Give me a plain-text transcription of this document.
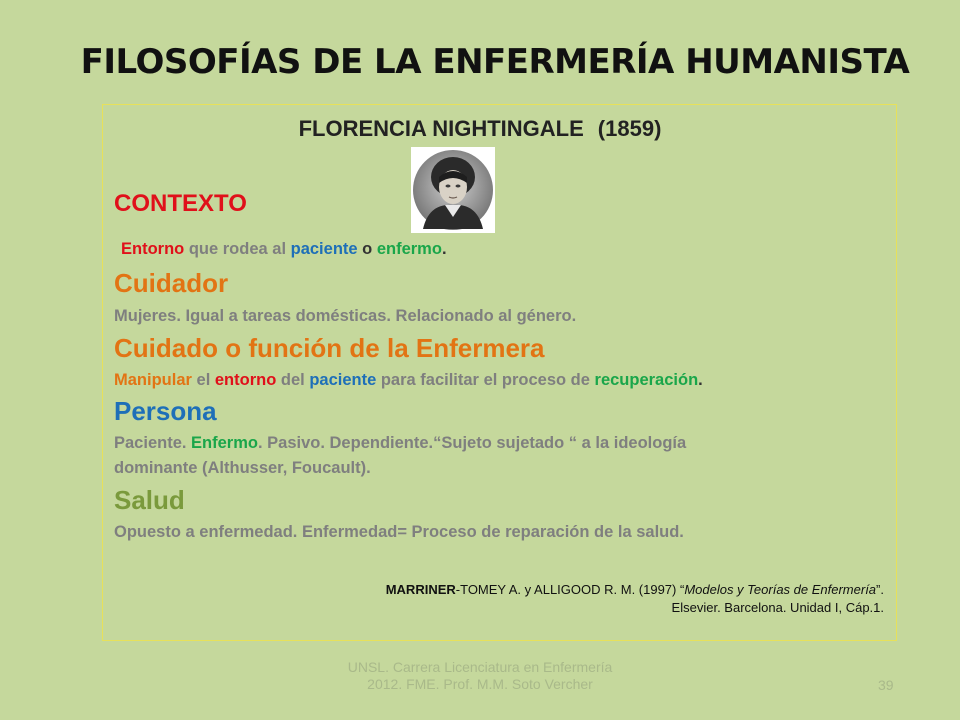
FILOSOFÍAS DE LA ENFERMERÍA HUMANISTA
FLORENCIA NIGHTINGALE (1859)
CONTEXTO
Entorno que rodea al paciente o enfermo.
Cuidador
Mujeres. Igual a tareas domésticas. Relacionado al género.
Cuidado o función de la Enfermera
Manipular el entorno del paciente para facilitar el proceso de recuperación.
Persona
Paciente. Enfermo. Pasivo. Dependiente.“Sujeto sujetado “ a la ideología
dominante (Althusser, Foucault).
Salud
Opuesto a enfermedad. Enfermedad= Proceso de reparación de la salud.
MARRINER-TOMEY A. y ALLIGOOD R. M. (1997) “Modelos y Teorías de Enfermería”.
Elsevier. Barcelona. Unidad I, Cáp.1.
UNSL. Carrera Licenciatura en Enfermería 2012. FME. Prof. M.M. Soto Vercher	39
